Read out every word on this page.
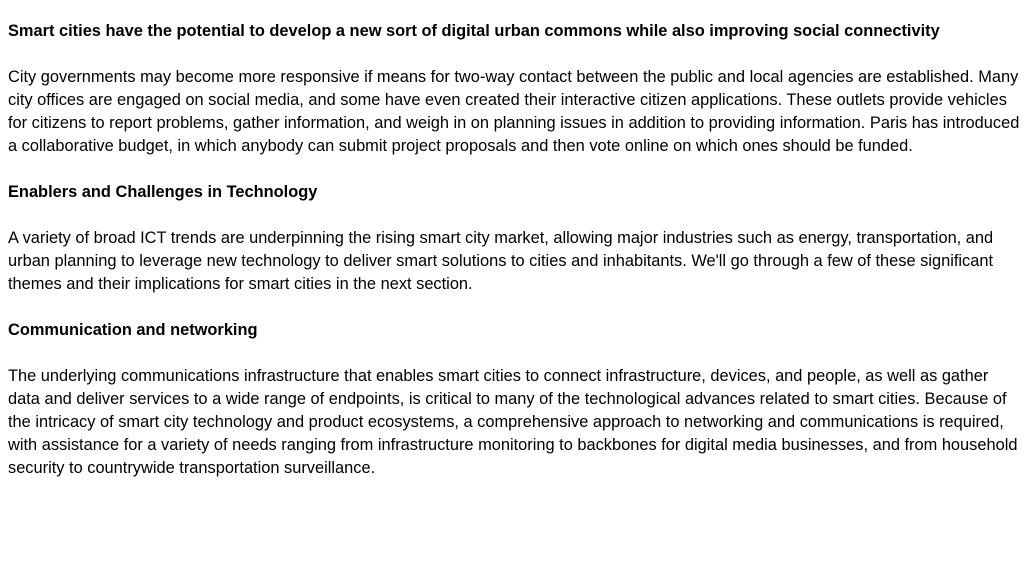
Smart cities have the potential to develop a new sort of digital urban commons while also improving social connectivity

City governments may become more responsive if means for two-way contact between the public and local agencies are established. Many city offices are engaged on social media, and some have even created their interactive citizen applications. These outlets provide vehicles for citizens to report problems, gather information, and weigh in on planning issues in addition to providing information. Paris has introduced a collaborative budget, in which anybody can submit project proposals and then vote online on which ones should be funded.

Enablers and Challenges in Technology

A variety of broad ICT trends are underpinning the rising smart city market, allowing major industries such as energy, transportation, and urban planning to leverage new technology to deliver smart solutions to cities and inhabitants. We'll go through a few of these significant themes and their implications for smart cities in the next section.

Communication and networking

The underlying communications infrastructure that enables smart cities to connect infrastructure, devices, and people, as well as gather data and deliver services to a wide range of endpoints, is critical to many of the technological advances related to smart cities. Because of the intricacy of smart city technology and product ecosystems, a comprehensive approach to networking and communications is required, with assistance for a variety of needs ranging from infrastructure monitoring to backbones for digital media businesses, and from household security to countrywide transportation surveillance.
